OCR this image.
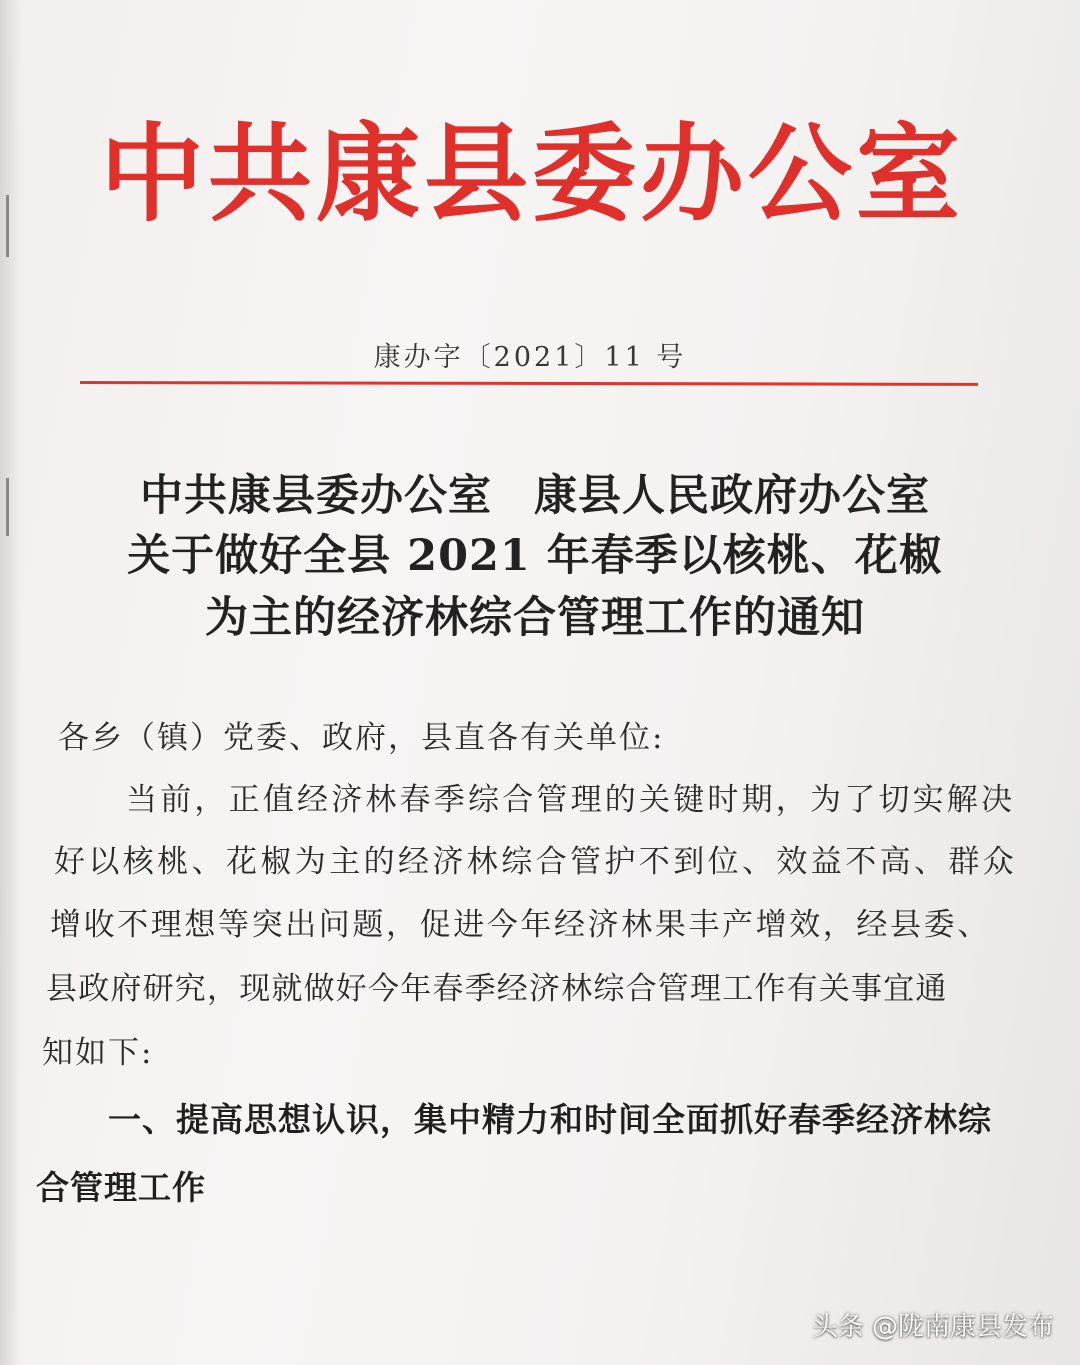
中 共 康 县 委 办 公 室
康办字〔2021〕11 号
中共康县委办公室 康县人民政府办公室
关于做好全县 2021 年春季以核桃、花椒
为主的经济林综合管理工作的通知
各乡（镇）党委、政府，县直各有关单位:
当前，正值经济林春季综合管理的关键时期，为了切实解决
好以核桃、花椒为主的经济林综合管护不到位、效益不高、群众
增收不理想等突出问题，促进今年经济林果丰产增效，经县委、
县政府研究，现就做好今年春季经济林综合管理工作有关事宜通
知如下:
一、提高思想认识，集中精力和时间全面抓好春季经济林综
合管理工作
头条 @陇南康县发布
